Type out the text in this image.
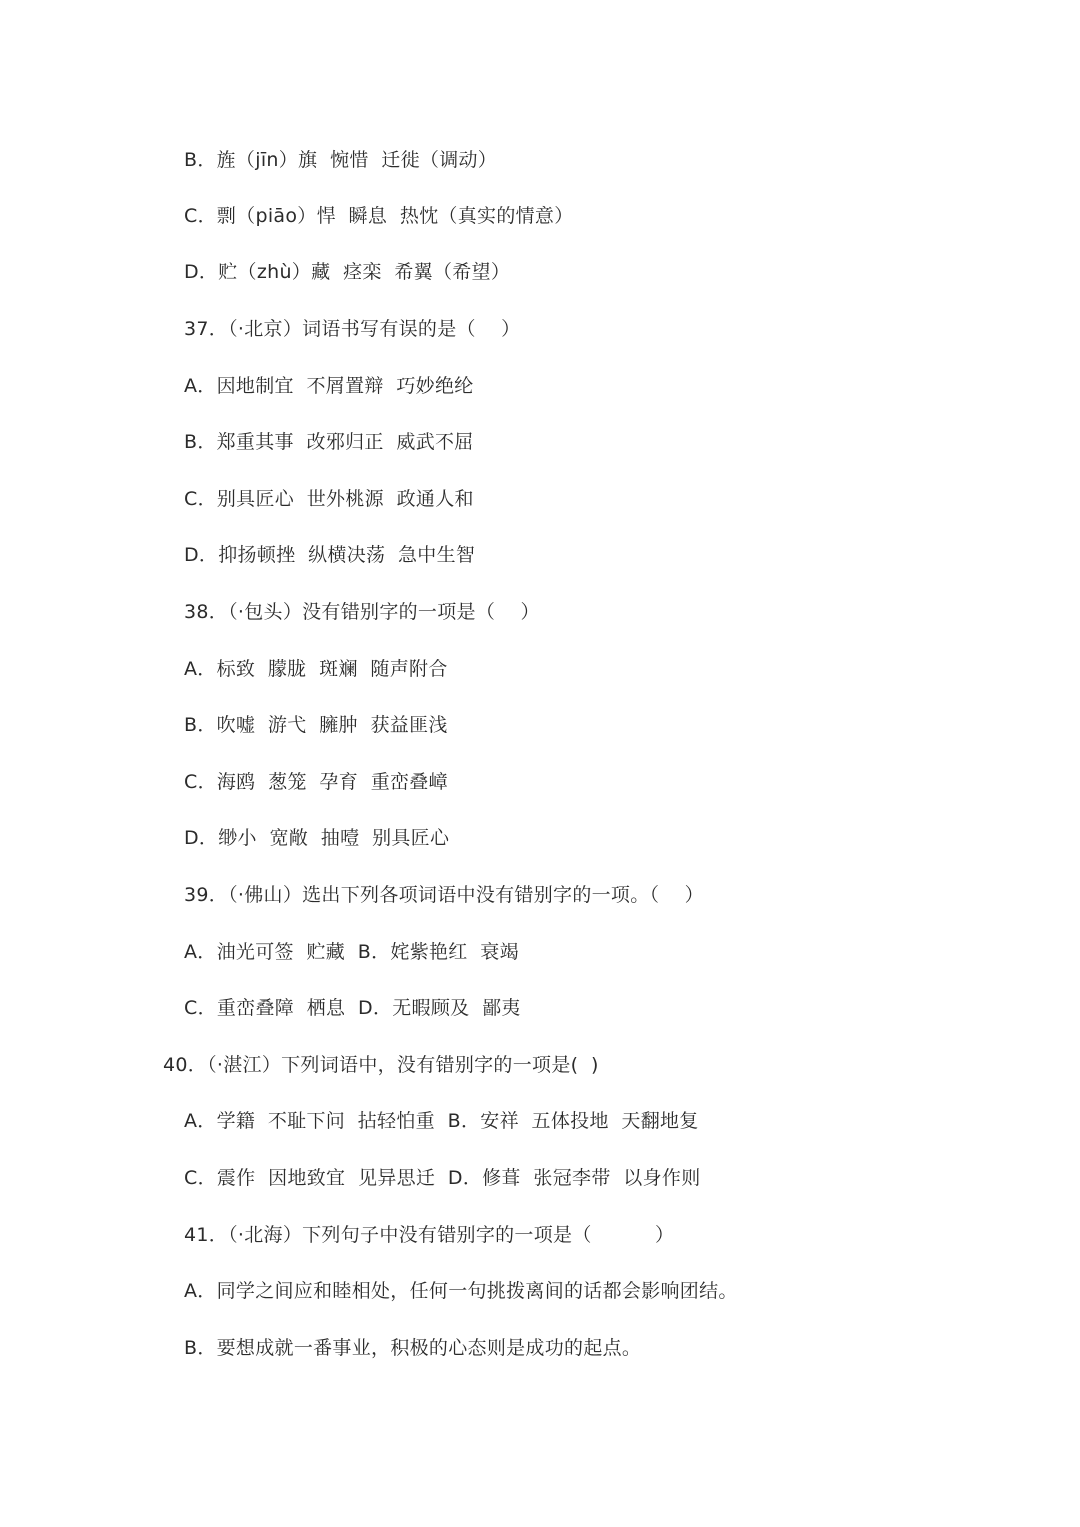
B．旌（jīn）旗  惋惜  迁徙（调动）
C．剽（piāo）悍  瞬息  热忱（真实的情意）
D．贮（zhù）藏  痉栾  希翼（希望）
37．（·北京）词语书写有误的是（    ）
A．因地制宜  不屑置辩  巧妙绝纶
B．郑重其事  改邪归正  威武不屈
C．别具匠心  世外桃源  政通人和
D．抑扬顿挫  纵横决荡  急中生智
38．（·包头）没有错别字的一项是（    ）
A．标致  朦胧  斑斓  随声附合
B．吹嘘  游弋  臃肿  获益匪浅
C．海鸥  葱笼  孕育  重峦叠嶂
D．缈小  宽敞  抽噎  别具匠心
39．（·佛山）选出下列各项词语中没有错别字的一项。（    ）
A．油光可签  贮藏  B．姹紫艳红  衰竭
C．重峦叠障  栖息  D．无暇顾及  鄙夷
40．（·湛江）下列词语中，没有错别字的一项是(  )
A．学籍  不耻下问  拈轻怕重  B．安祥  五体投地  天翻地复
C．震作  因地致宜  见异思迁  D．修葺  张冠李带  以身作则
41．（·北海）下列句子中没有错别字的一项是（          ）
A．同学之间应和睦相处，任何一句挑拨离间的话都会影响团结。
B．要想成就一番事业，积极的心态则是成功的起点。
